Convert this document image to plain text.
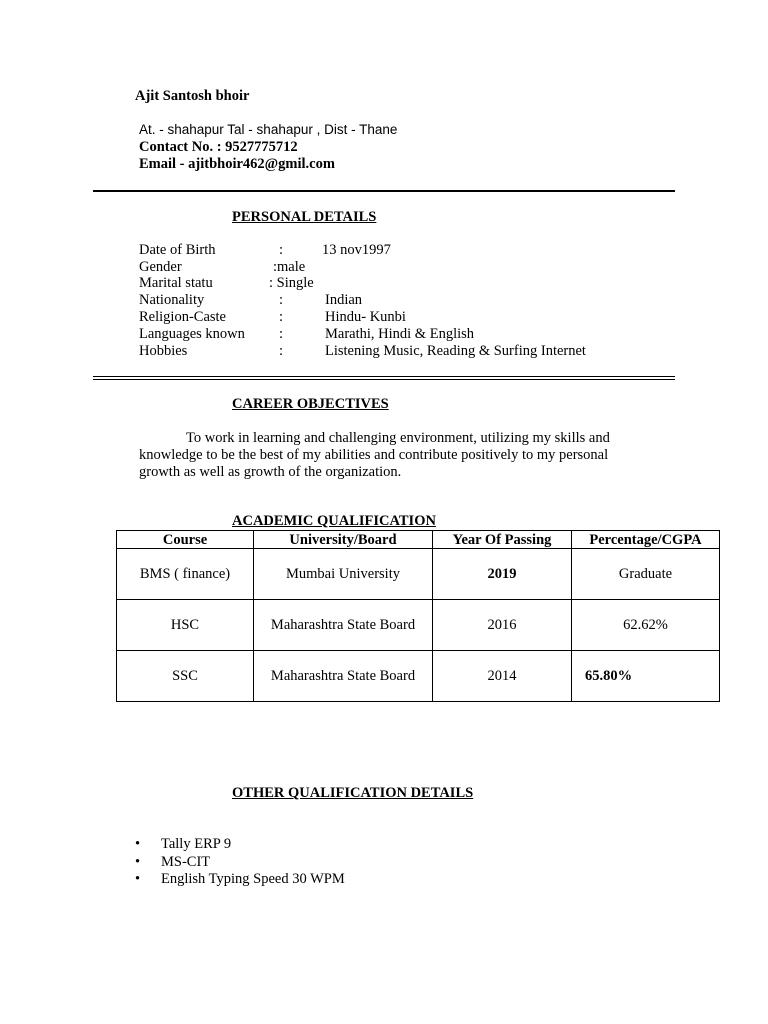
Ajit Santosh bhoir
At. - shahapur Tal - shahapur , Dist - Thane
Contact No. : 9527775712
Email - ajitbhoir462@gmil.com
PERSONAL DETAILS
Date of Birth	:	13 nov1997
Gender	:male
Marital statu	: Single
Nationality	:	Indian
Religion-Caste	:	Hindu- Kunbi
Languages known :	Marathi, Hindi & English
Hobbies	:	Listening Music, Reading & Surfing Internet
CAREER OBJECTIVES
To work in learning and challenging environment, utilizing my skills and
knowledge to be the best of my abilities and contribute positively to my personal
growth as well as growth of the organization.
ACADEMIC QUALIFICATION
Course	University/Board	Year Of Passing	Percentage/CGPA
BMS ( finance)	Mumbai University	2019	Graduate
HSC	Maharashtra State Board	2016	62.62%
SSC	Maharashtra State Board	2014	65.80%
OTHER QUALIFICATION DETAILS
• Tally ERP 9
• MS-CIT
• English Typing Speed 30 WPM
